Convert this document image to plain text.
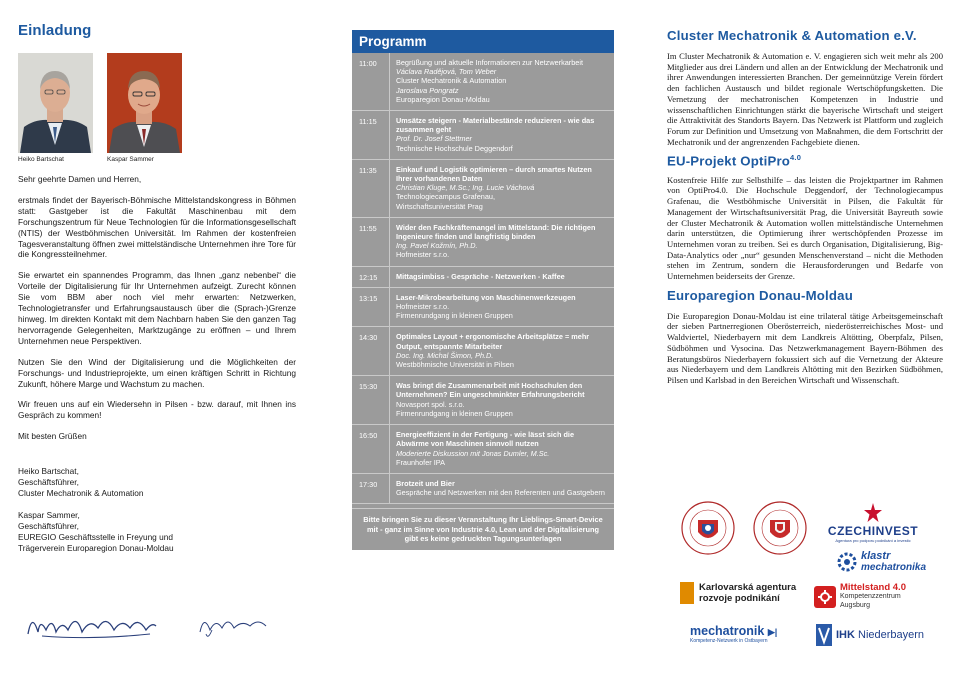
Einladung
Heiko Bartschat	Kaspar Sammer

Sehr geehrte Damen und Herren,

erstmals findet der Bayerisch-Böhmische Mittelstandskongress in Böhmen statt: Gastgeber ist die Fakultät Maschinenbau mit dem Forschungszentrum für Neue Technologien für die Informationsgesellschaft (NTIS) der Westböhmischen Universität. Im Rahmen der kostenfreien Tagesveranstaltung öffnen zwei mittelständische Unternehmen ihre Tore für die Kongressteilnehmer.

Sie erwartet ein spannendes Programm, das Ihnen „ganz nebenbei“ die Vorteile der Digitalisierung für Ihr Unternehmen aufzeigt. Zurecht können Sie vom BBM aber noch viel mehr erwarten: Netzwerken, Technologietransfer und Erfahrungsaustausch über die (Sprach-)Grenze hinweg. Im direkten Kontakt mit dem Nachbarn haben Sie den ganzen Tag hervorragende Gelegenheiten, Marktzugänge zu eröffnen – und Ihrem Unternehmen neue Perspektiven.

Nutzen Sie den Wind der Digitalisierung und die Möglichkeiten der Forschungs- und Industrieprojekte, um einen kräftigen Schritt in Richtung Zukunft, höhere Marge und Wachstum zu machen.

Wir freuen uns auf ein Wiedersehn in Pilsen - bzw. darauf, mit Ihnen ins Gespräch zu kommen!

Mit besten Grüßen

Heiko Bartschat,
Geschäftsführer,
Cluster Mechatronik & Automation

Kaspar Sammer,
Geschäftsführer,
EUREGIO Geschäftsstelle in Freyung und
Trägerverein Europaregion Donau-Moldau

Programm
11:00	Begrüßung und aktuelle Informationen zur Netzwerkarbeit
Václava Radějová, Tom Weber
Cluster Mechatronik & Automation
Jaroslava Pongratz
Europaregion Donau-Moldau
11:15	Umsätze steigern - Materialbestände reduzieren - wie das zusammen geht
Prof. Dr. Josef Stettmer
Technische Hochschule Deggendorf
11:35	Einkauf und Logistik optimieren – durch smartes Nutzen Ihrer vorhandenen Daten
Christian Kluge, M.Sc.; Ing. Lucie Váchová
Technologiecampus Grafenau,
Wirtschaftsuniversität Prag
11:55	Wider den Fachkräftemangel im Mittelstand: Die richtigen Ingenieure finden und langfristig binden
Ing. Pavel Kožmín, Ph.D.
Hofmeister s.r.o.
12:15	Mittagsimbiss - Gespräche - Netzwerken - Kaffee
13:15	Laser-Mikrobearbeitung von Maschinenwerkzeugen
Hofmeister s.r.o.
Firmenrundgang in kleinen Gruppen
14:30	Optimales Layout + ergonomische Arbeitsplätze = mehr Output, entspannte Mitarbeiter
Doc. Ing. Michal Šimon, Ph.D.
Westböhmische Universität in Pilsen
15:30	Was bringt die Zusammenarbeit mit Hochschulen den Unternehmen? Ein ungeschminkter Erfahrungsbericht
Novasport spol. s.r.o.
Firmenrundgang in kleinen Gruppen
16:50	Energieeffizient in der Fertigung - wie lässt sich die Abwärme von Maschinen sinnvoll nutzen
Moderierte Diskussion mit Jonas Dumler, M.Sc.
Fraunhofer IPA
17:30	Brotzeit und Bier
Gespräche und Netzwerken mit den Referenten und Gastgebern
Bitte bringen Sie zu dieser Veranstaltung Ihr Lieblings-Smart-Device mit - ganz im Sinne von Industrie 4.0, Lean und der Digitalisierung gibt es keine gedruckten Tagungsunterlagen
Cluster Mechatronik & Automation e.V.
Im Cluster Mechatronik & Automation e. V. engagieren sich weit mehr als 200 Mitglieder aus drei Ländern und allen an der Entwicklung der Mechatronik und ihrer Anwendungen interessierten Branchen. Der gemeinnützige Verein fördert den fachlichen Austausch und bildet regionale Wertschöpfungsketten. Die Vernetzung der mechatronischen Kompetenzen in Industrie und wissenschaftlichen Einrichtungen stärkt die bayerische Wirtschaft und steigert die Attraktivität des Standorts Bayern. Das Netzwerk ist Plattform und zugleich Forum zur Definition und Umsetzung von Maßnahmen, die dem Fortschritt der Mechatronik und der angrenzenden Fachgebiete dienen.
EU-Projekt OptiPro$^{4.0}$
Kostenfreie Hilfe zur Selbsthilfe – das leisten die Projektpartner im Rahmen von OptiPro4.0. Die Hochschule Deggendorf, der Technologiecampus Grafenau, die Westböhmische Universität in Pilsen, die Fakultät für Management der Wirtschaftsuniversität Prag, die Universität Bayreuth sowie der Cluster Mechatronik & Automation wollen mittelständische Unternehmen darin unterstützen, die Optimierung ihrer wertschöpfenden Prozesse im Unternehmen voran zu treiben. Sei es durch Organisation, Digitalisierung, Big-Data-Analytics oder „nur“ gesunden Menschenverstand – nicht die Methoden stehen im Zentrum, sondern die Herausforderungen und Bedarfe von Unternehmen beiderseits der Grenze.
Europaregion Donau-Moldau
Die Europaregion Donau-Moldau ist eine trilateral tätige Arbeitsgemeinschaft der sieben Partnerregionen Oberösterreich, niederösterreichisches Most- und Waldviertel, Niederbayern mit dem Landkreis Altötting, Oberpfalz, Pilsen, Südböhmen und Vysocina. Das Netzwerkmanagement Bayern-Böhmen des Beratungsbüros Niederbayern fokussiert sich auf die Vernetzung der Akteure aus Niederbayern und dem Landkreis Altötting mit den Bezirken Südböhmen, Pilsen und Karlsbad in den Bereichen Wirtschaft und Wissenschaft.
CZECHINVEST
Agentura pro podporu podnikání a investic
klastr
mechatronika
Karlovarská agentura
rozvoje podnikání
Mittelstand 4.0
Kompetenzzentrum
Augsburg
mechatronik ▶|
Kompetenz-Netzwerk in Ostbayern	IHK Niederbayern
